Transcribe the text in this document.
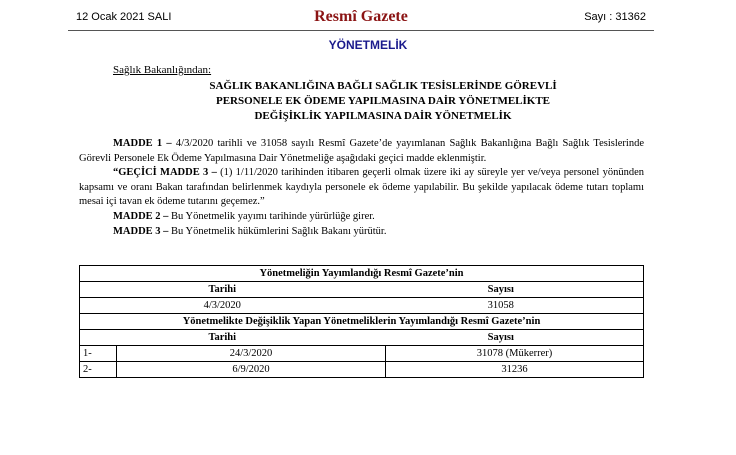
12 Ocak 2021 SALI	Resmî Gazete	Sayı : 31362
YÖNETMELİK
Sağlık Bakanlığından:
SAĞLIK BAKANLIĞINA BAĞLI SAĞLIK TESİSLERİNDE GÖREVLİ
PERSONELE EK ÖDEME YAPILMASINA DAİR YÖNETMELİKTE
DEĞİŞİKLİK YAPILMASINA DAİR YÖNETMELİK

MADDE 1 – 4/3/2020 tarihli ve 31058 sayılı Resmî Gazete’de yayımlanan Sağlık Bakanlığına Bağlı Sağlık Tesislerinde Görevli Personele Ek Ödeme Yapılmasına Dair Yönetmeliğe aşağıdaki geçici madde eklenmiştir.

“GEÇİCİ MADDE 3 – (1) 1/11/2020 tarihinden itibaren geçerli olmak üzere iki ay süreyle yer ve/veya personel yönünden kapsamı ve oranı Bakan tarafından belirlenmek kaydıyla personele ek ödeme yapılabilir. Bu şekilde yapılacak ödeme tutarı toplamı mesai içi tavan ek ödeme tutarını geçemez.”

MADDE 2 – Bu Yönetmelik yayımı tarihinde yürürlüğe girer.

MADDE 3 – Bu Yönetmelik hükümlerini Sağlık Bakanı yürütür.

Yönetmeliğin Yayımlandığı Resmî Gazete’nin		

Tarihi Sayısı		

4/3/2020 31058		

Yönetmelikte Değişiklik Yapan Yönetmeliklerin Yayımlandığı Resmî Gazete’nin		

Tarihi Sayısı		

1-	24/3/2020	31078 (Mükerrer)
2-	6/9/2020	31236
